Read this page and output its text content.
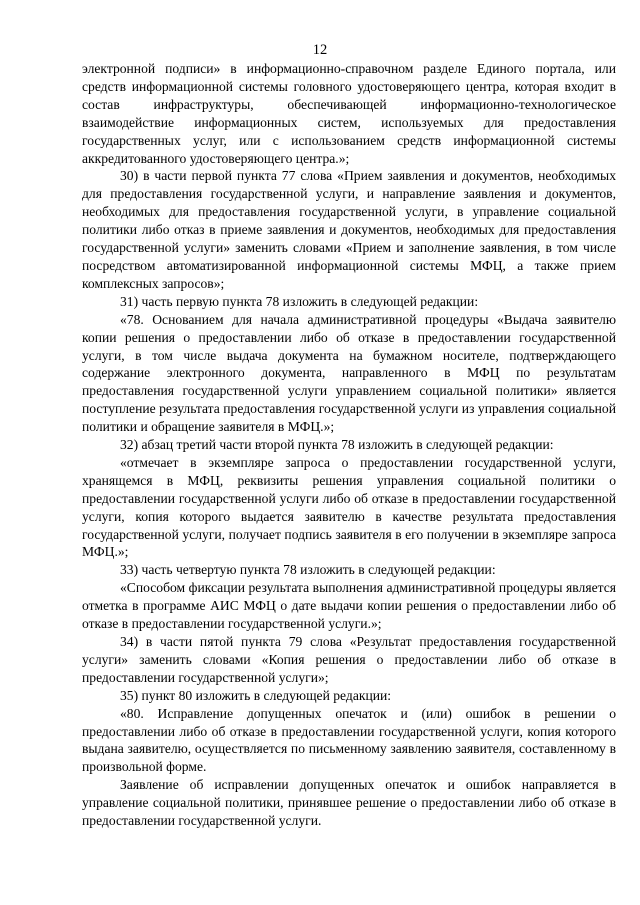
12

электронной подписи» в информационно-справочном разделе Единого портала, или средств информационной системы головного удостоверяющего центра, которая входит в состав инфраструктуры, обеспечивающей информационно-технологическое взаимодействие информационных систем, используемых для предоставления государственных услуг, или с использованием средств информационной системы аккредитованного удостоверяющего центра.»;

30) в части первой пункта 77 слова «Прием заявления и документов, необходимых для предоставления государственной услуги, и направление заявления и документов, необходимых для предоставления государственной услуги, в управление социальной политики либо отказ в приеме заявления и документов, необходимых для предоставления государственной услуги» заменить словами «Прием и заполнение заявления, в том числе посредством автоматизированной информационной системы МФЦ, а также прием комплексных запросов»;

31) часть первую пункта 78 изложить в следующей редакции:

«78. Основанием для начала административной процедуры «Выдача заявителю копии решения о предоставлении либо об отказе в предоставлении государственной услуги, в том числе выдача документа на бумажном носителе, подтверждающего содержание электронного документа, направленного в МФЦ по результатам предоставления государственной услуги управлением социальной политики» является поступление результата предоставления государственной услуги из управления социальной политики и обращение заявителя в МФЦ.»;

32) абзац третий части второй пункта 78 изложить в следующей редакции:

«отмечает в экземпляре запроса о предоставлении государственной услуги, хранящемся в МФЦ, реквизиты решения управления социальной политики о предоставлении государственной услуги либо об отказе в предоставлении государственной услуги, копия которого выдается заявителю в качестве результата предоставления государственной услуги, получает подпись заявителя в его получении в экземпляре запроса МФЦ.»;

33) часть четвертую пункта 78 изложить в следующей редакции:

«Способом фиксации результата выполнения административной процедуры является отметка в программе АИС МФЦ о дате выдачи копии решения о предоставлении либо об отказе в предоставлении государственной услуги.»;

34) в части пятой пункта 79 слова «Результат предоставления государственной услуги» заменить словами «Копия решения о предоставлении либо об отказе в предоставлении государственной услуги»;

35) пункт 80 изложить в следующей редакции:

«80. Исправление допущенных опечаток и (или) ошибок в решении о предоставлении либо об отказе в предоставлении государственной услуги, копия которого выдана заявителю, осуществляется по письменному заявлению заявителя, составленному в произвольной форме.

Заявление об исправлении допущенных опечаток и ошибок направляется в управление социальной политики, принявшее решение о предоставлении либо об отказе в предоставлении государственной услуги.
